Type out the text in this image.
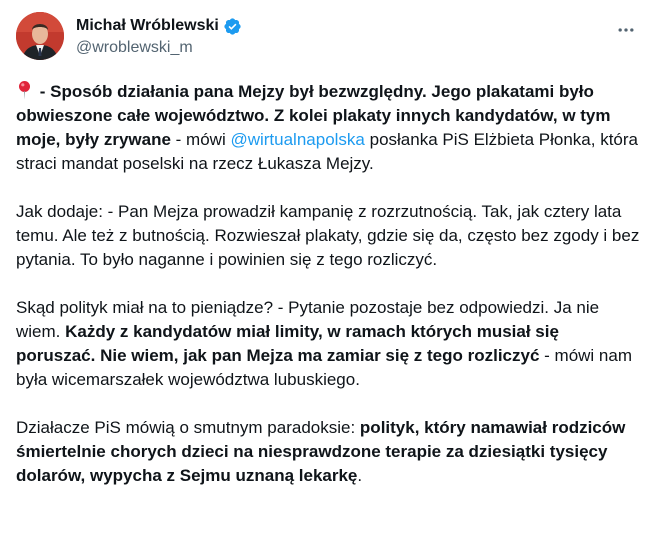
Michał Wróblewski
@wroblewski_m

- Sposób działania pana Mejzy był bezwzględny. Jego plakatami było obwieszone całe województwo. Z kolei plakaty innych kandydatów, w tym moje, były zrywane - mówi @wirtualnapolska posłanka PiS Elżbieta Płonka, która straci mandat poselski na rzecz Łukasza Mejzy.

Jak dodaje: - Pan Mejza prowadził kampanię z rozrzutnością. Tak, jak cztery lata temu. Ale też z butnością. Rozwieszał plakaty, gdzie się da, często bez zgody i bez pytania. To było naganne i powinien się z tego rozliczyć.

Skąd polityk miał na to pieniądze? - Pytanie pozostaje bez odpowiedzi. Ja nie wiem. Każdy z kandydatów miał limity, w ramach których musiał się poruszać. Nie wiem, jak pan Mejza ma zamiar się z tego rozliczyć - mówi nam była wicemarszałek województwa lubuskiego.

Działacze PiS mówią o smutnym paradoksie: polityk, który namawiał rodziców śmiertelnie chorych dzieci na niesprawdzone terapie za dziesiątki tysięcy dolarów, wypycha z Sejmu uznaną lekarkę.
